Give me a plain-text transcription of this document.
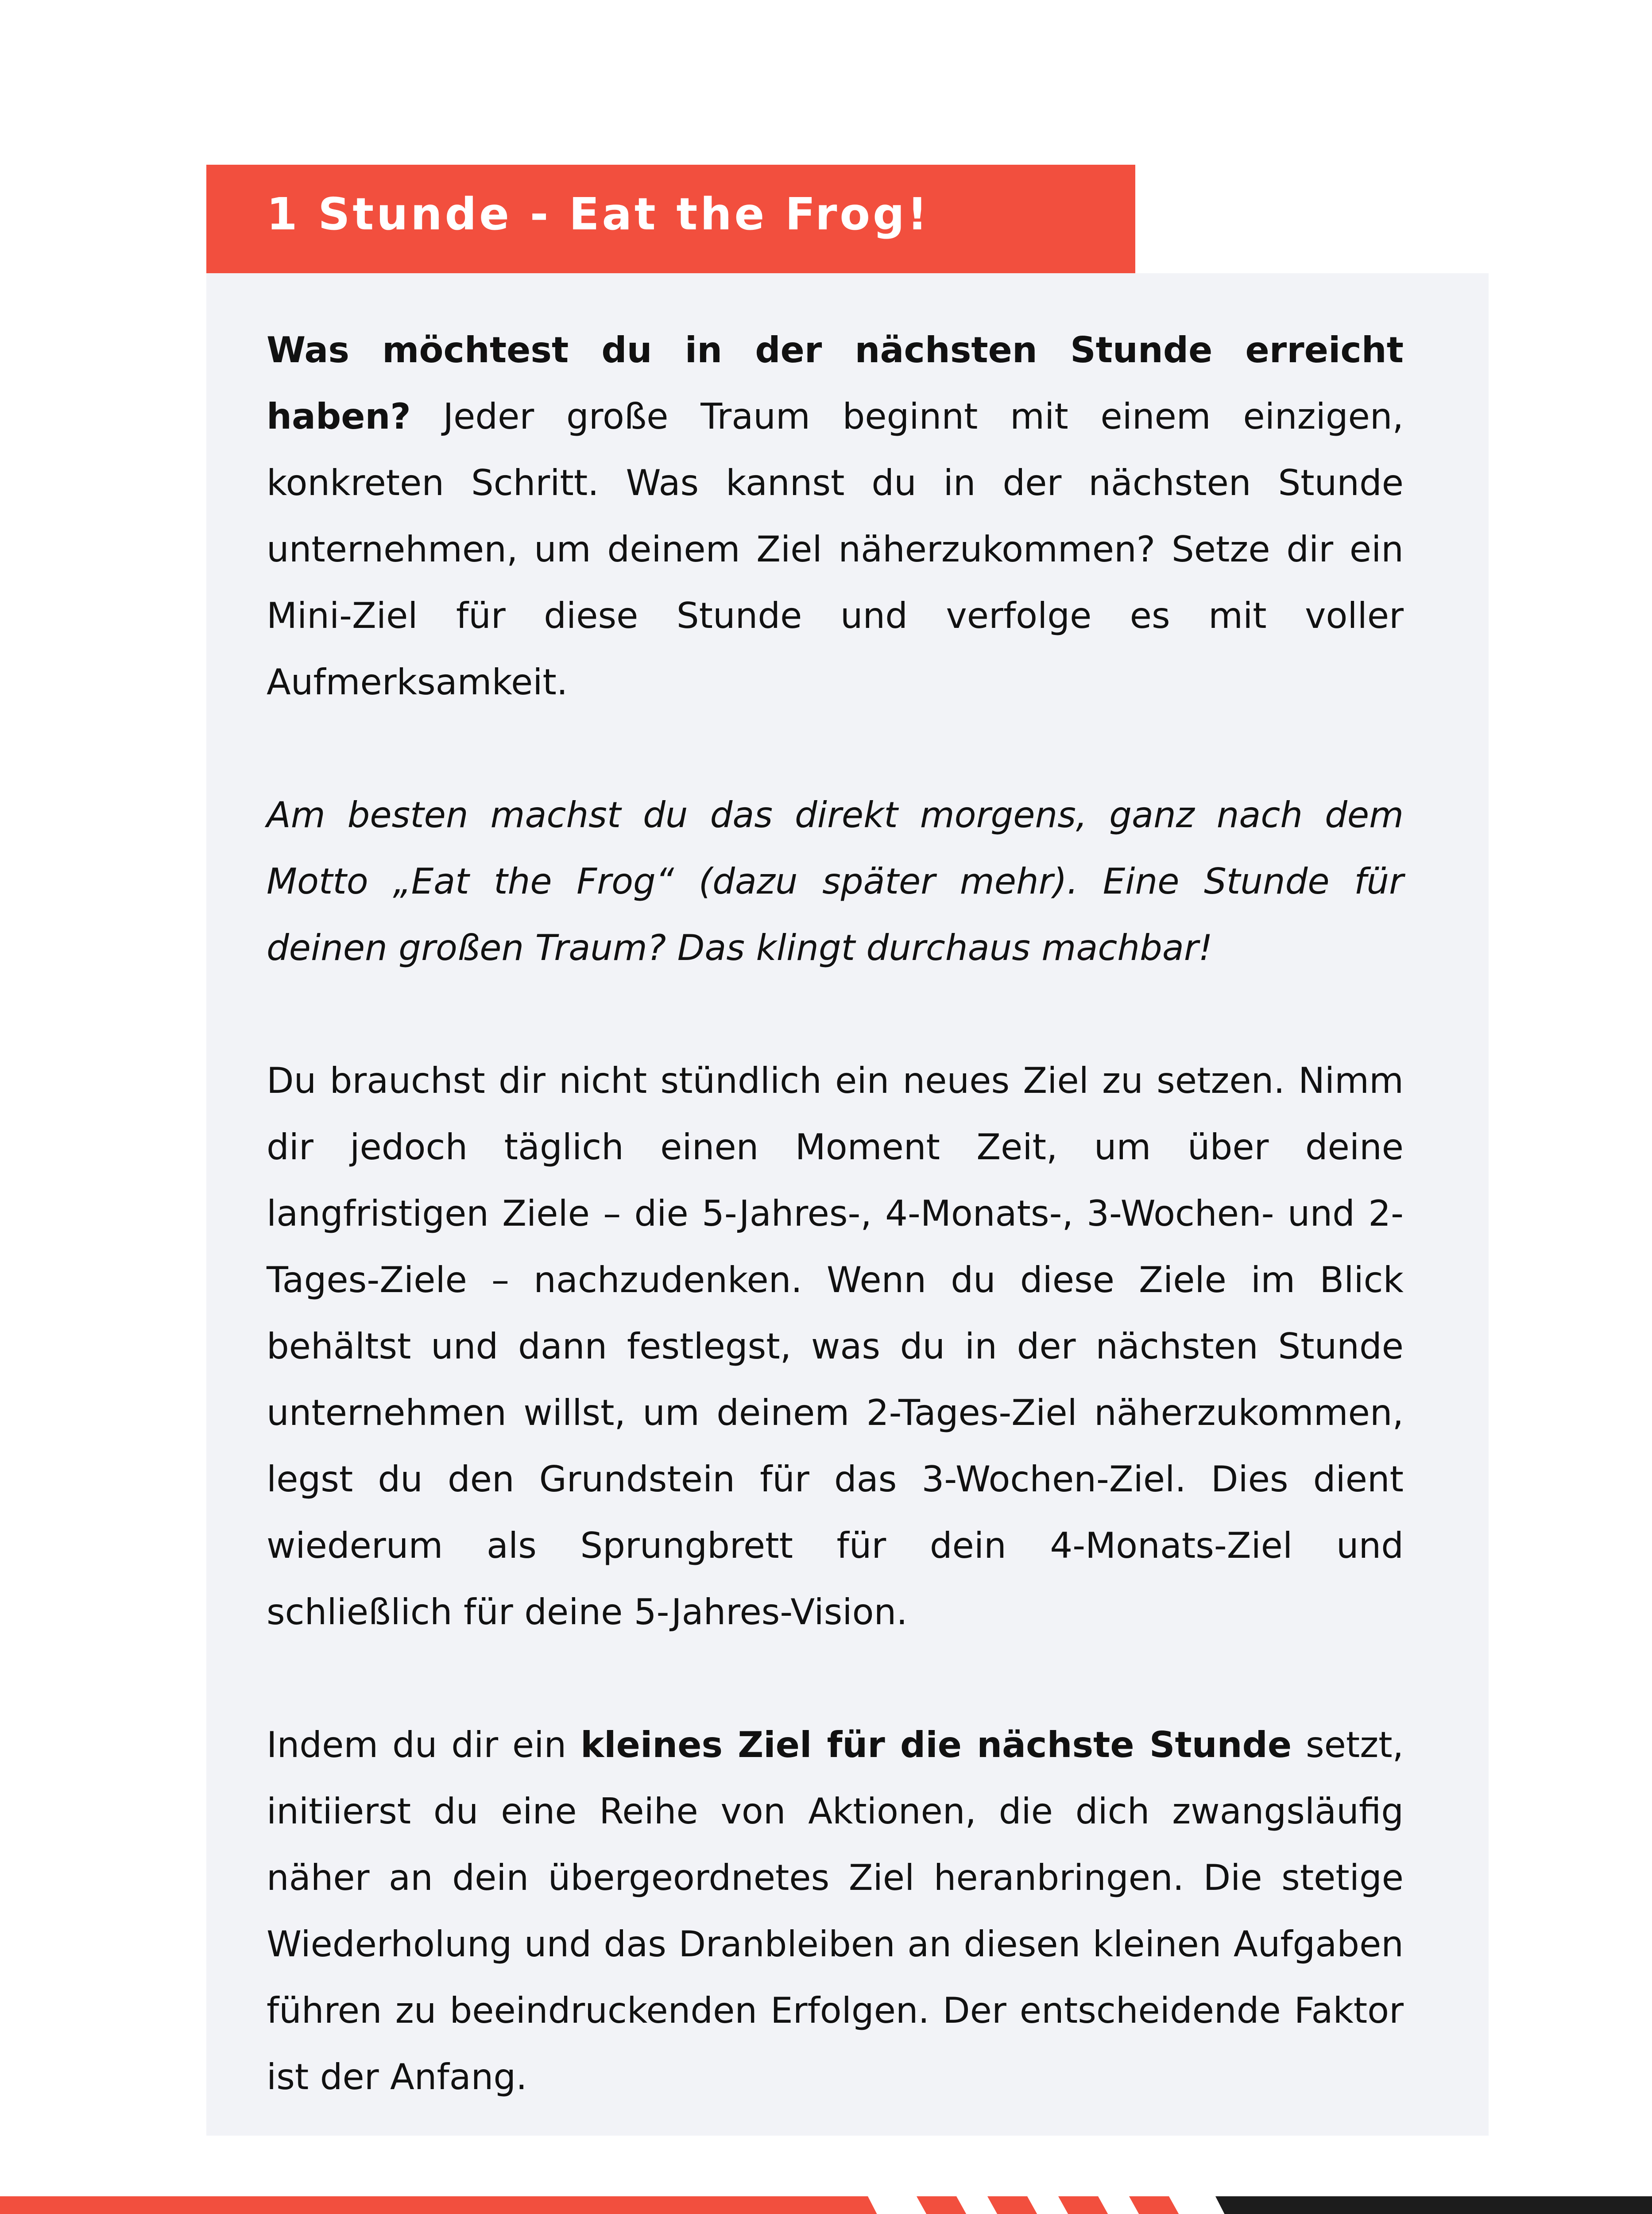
1 Stunde - Eat the Frog!

Was möchtest du in der nächsten Stunde erreicht haben? Jeder große Traum beginnt mit einem einzigen, konkreten Schritt. Was kannst du in der nächsten Stunde unternehmen, um deinem Ziel näherzukommen? Setze dir ein Mini-Ziel für diese Stunde und verfolge es mit voller Aufmerksamkeit.

Am besten machst du das direkt morgens, ganz nach dem Motto „Eat the Frog“ (dazu später mehr). Eine Stunde für deinen großen Traum? Das klingt durchaus machbar!

Du brauchst dir nicht stündlich ein neues Ziel zu setzen. Nimm dir jedoch täglich einen Moment Zeit, um über deine langfristigen Ziele – die 5-Jahres-, 4-Monats-, 3-Wochen- und 2-Tages-Ziele – nachzudenken. Wenn du diese Ziele im Blick behältst und dann festlegst, was du in der nächsten Stunde unternehmen willst, um deinem 2-Tages-Ziel näherzukommen, legst du den Grundstein für das 3-Wochen-Ziel. Dies dient wiederum als Sprungbrett für dein 4-Monats-Ziel und schließlich für deine 5-Jahres-Vision.

Indem du dir ein kleines Ziel für die nächste Stunde setzt, initiierst du eine Reihe von Aktionen, die dich zwangsläufig näher an dein übergeordnetes Ziel heranbringen. Die stetige Wiederholung und das Dranbleiben an diesen kleinen Aufgaben führen zu beeindruckenden Erfolgen. Der entscheidende Faktor ist der Anfang.
